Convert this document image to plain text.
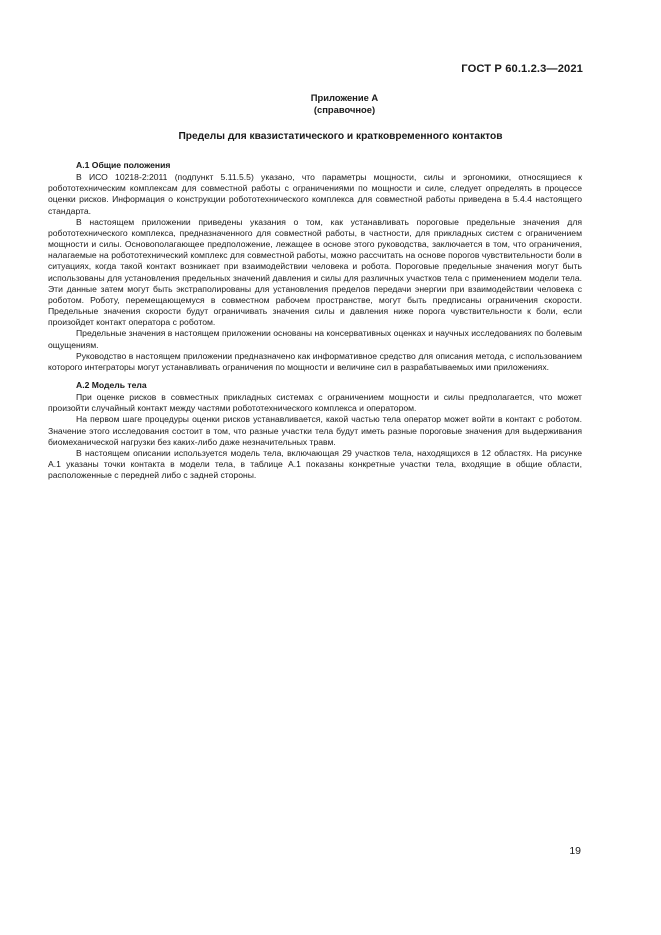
ГОСТ Р 60.1.2.3—2021
Приложение А
(справочное)
Пределы для квазистатического и кратковременного контактов

А.1 Общие положения

В ИСО 10218-2:2011 (подпункт 5.11.5.5) указано, что параметры мощности, силы и эргономики, относящиеся к робототехническим комплексам для совместной работы с ограничениями по мощности и силе, следует определять в процессе оценки рисков. Информация о конструкции робототехнического комплекса для совместной работы приведена в 5.4.4 настоящего стандарта.

В настоящем приложении приведены указания о том, как устанавливать пороговые предельные значения для робототехнического комплекса, предназначенного для совместной работы, в частности, для прикладных систем с ограничением мощности и силы. Основополагающее предположение, лежащее в основе этого руководства, заключается в том, что ограничения, налагаемые на робототехнический комплекс для совместной работы, можно рассчитать на основе порогов чувствительности боли в ситуациях, когда такой контакт возникает при взаимодействии человека и робота. Пороговые предельные значения могут быть использованы для установления предельных значений давления и силы для различных участков тела с применением модели тела. Эти данные затем могут быть экстраполированы для установления пределов передачи энергии при взаимодействии человека с роботом. Роботу, перемещающемуся в совместном рабочем пространстве, могут быть предписаны ограничения скорости. Предельные значения скорости будут ограничивать значения силы и давления ниже порога чувствительности к боли, если произойдет контакт оператора с роботом.

Предельные значения в настоящем приложении основаны на консервативных оценках и научных исследованиях по болевым ощущениям.

Руководство в настоящем приложении предназначено как информативное средство для описания метода, с использованием которого интеграторы могут устанавливать ограничения по мощности и величине сил в разрабатываемых ими приложениях.

А.2 Модель тела

При оценке рисков в совместных прикладных системах с ограничением мощности и силы предполагается, что может произойти случайный контакт между частями робототехнического комплекса и оператором.

На первом шаге процедуры оценки рисков устанавливается, какой частью тела оператор может войти в контакт с роботом. Значение этого исследования состоит в том, что разные участки тела будут иметь разные пороговые значения для выдерживания биомеханической нагрузки без каких-либо даже незначительных травм.

В настоящем описании используется модель тела, включающая 29 участков тела, находящихся в 12 областях. На рисунке А.1 указаны точки контакта в модели тела, в таблице А.1 показаны конкретные участки тела, входящие в общие области, расположенные с передней либо с задней стороны.

19
